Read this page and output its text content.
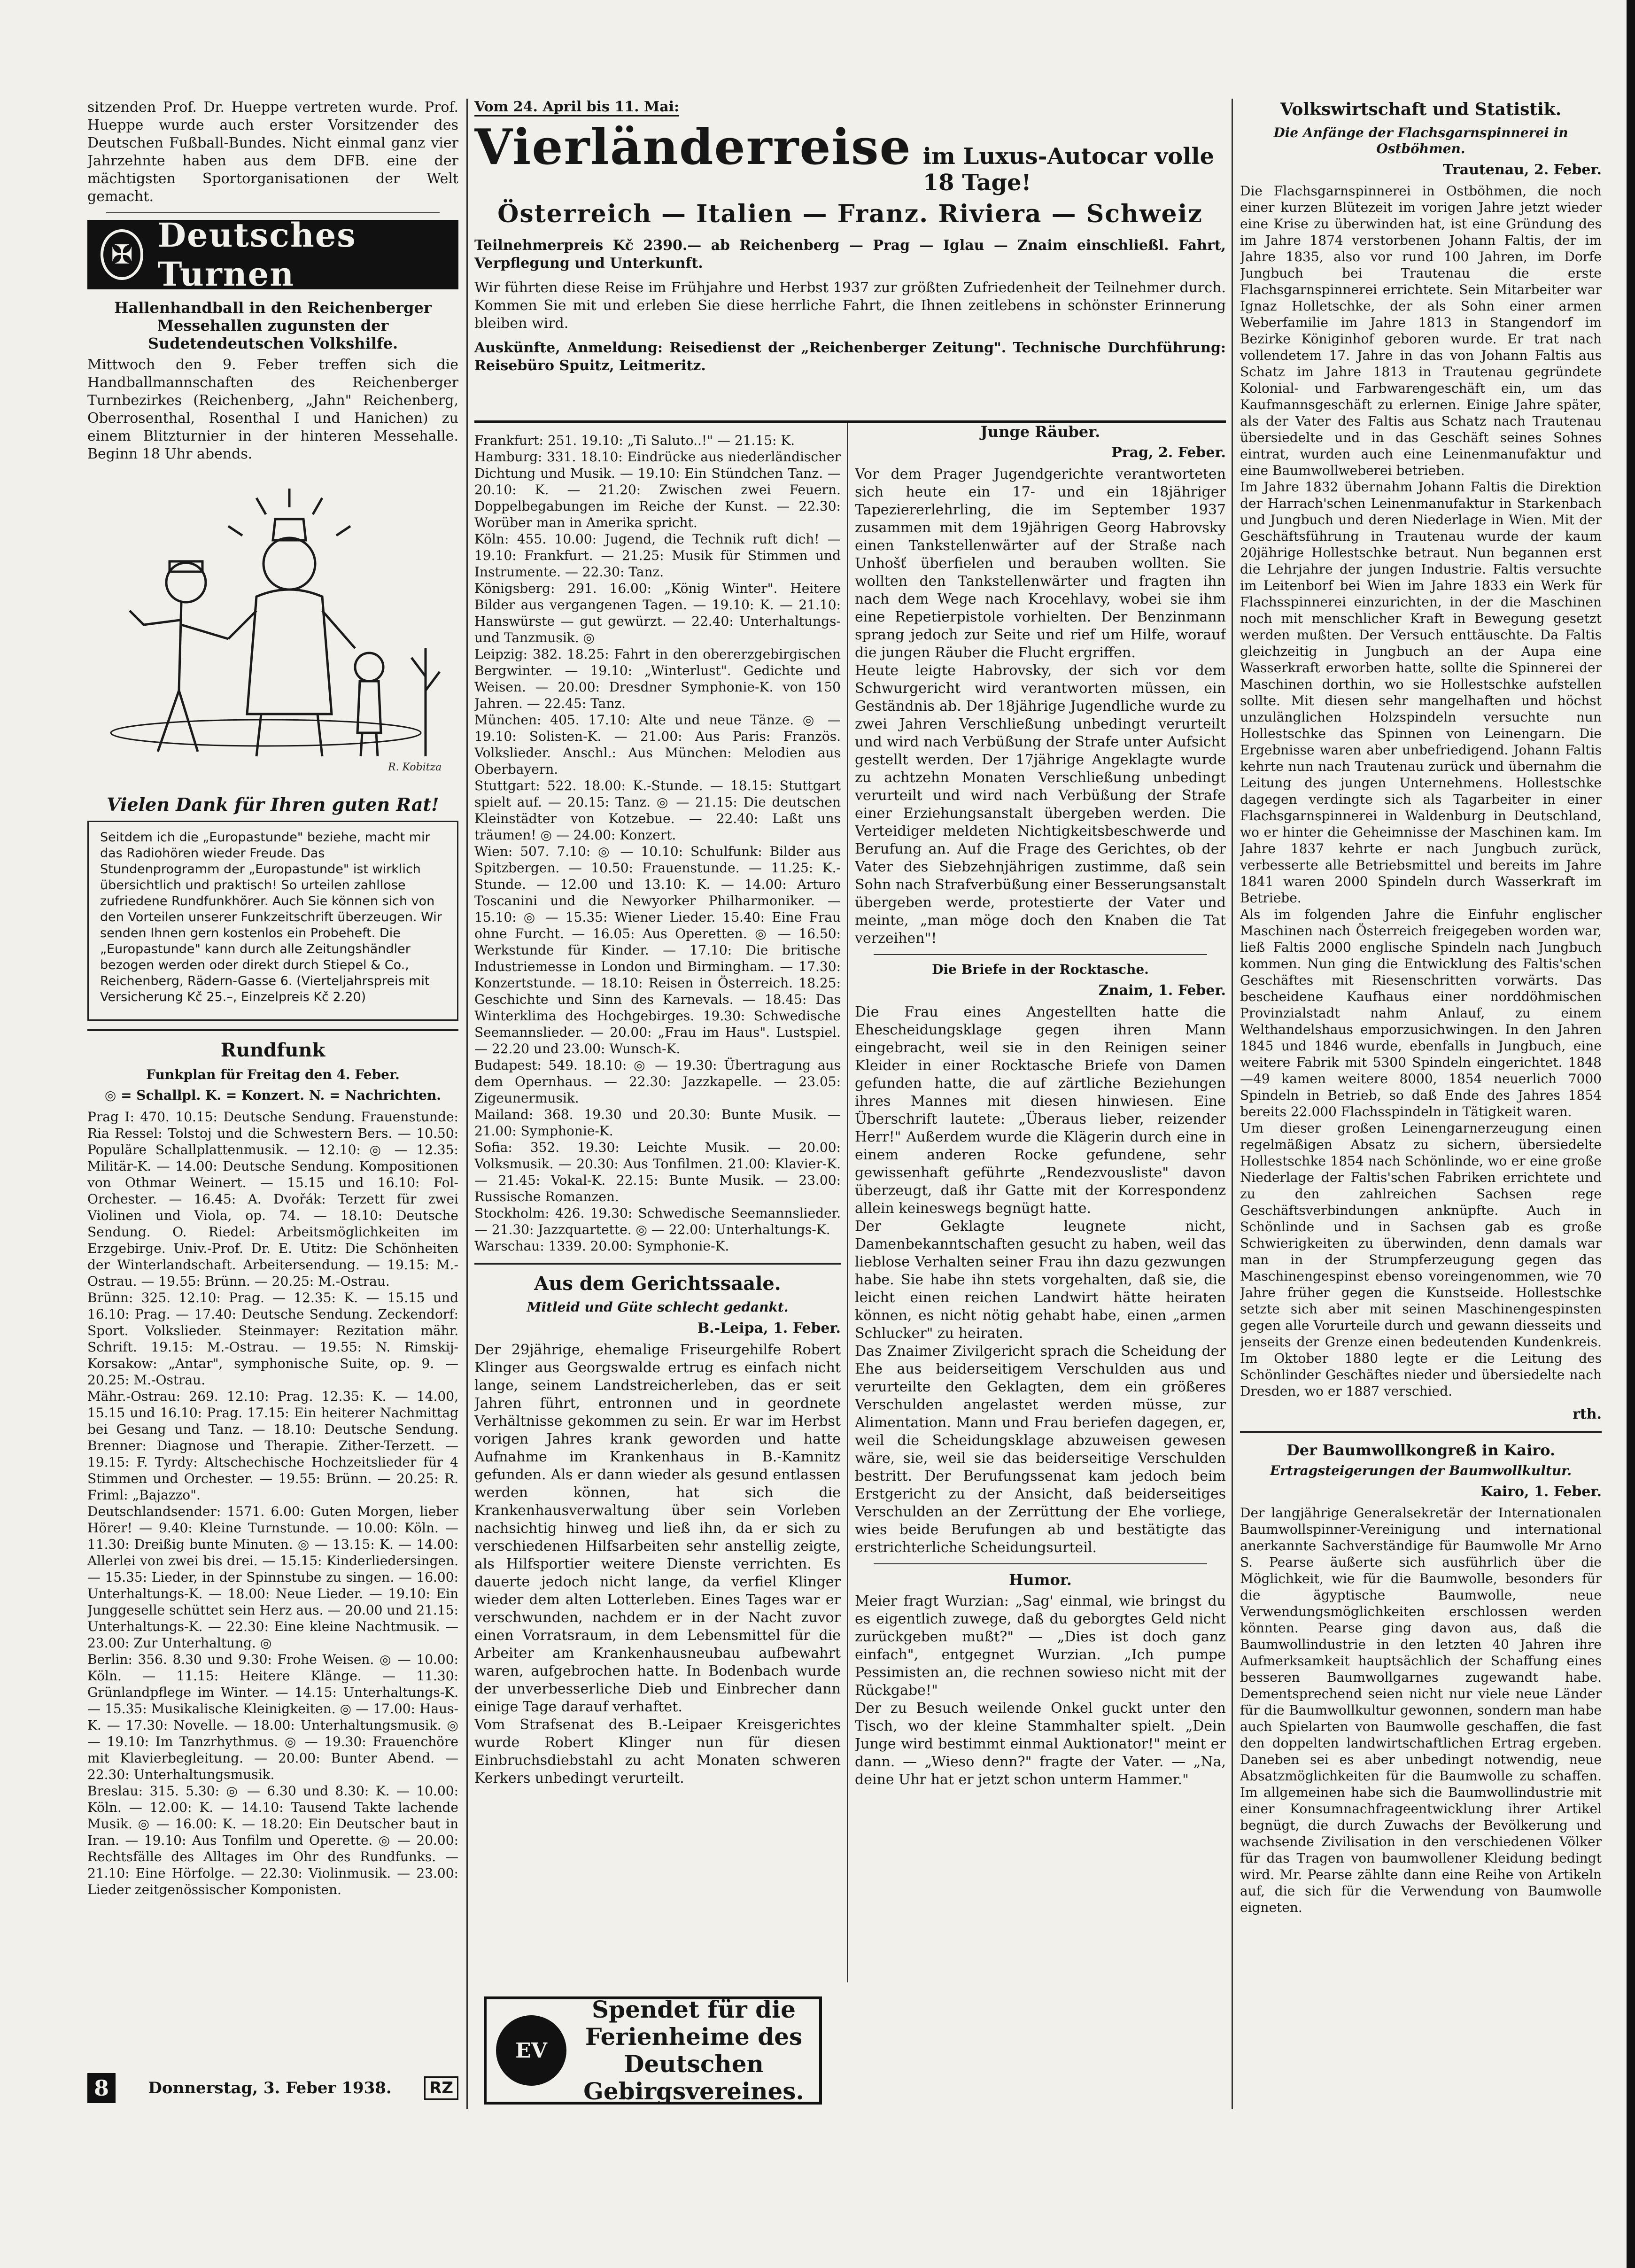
sitzenden Prof. Dr. Hueppe vertreten wurde. Prof. Hueppe wurde auch erster Vorsitzender des Deutschen Fußball-Bundes. Nicht einmal ganz vier Jahrzehnte haben aus dem DFB. eine der mächtigsten Sportorganisationen der Welt gemacht.

✠ Deutsches Turnen
Hallenhandball in den Reichenberger Messehallen zugunsten der Sudetendeutschen Volkshilfe.

Mittwoch den 9. Feber treffen sich die Handballmannschaften des Reichenberger Turnbezirkes (Reichenberg, „Jahn" Reichenberg, Oberrosenthal, Rosenthal I und Hanichen) zu einem Blitzturnier in der hinteren Messehalle. Beginn 18 Uhr abends.

R. Kobitza
Vielen Dank für Ihren guten Rat!

Seitdem ich die „Europastunde" beziehe, macht mir das Radiohören wieder Freude. Das Stundenprogramm der „Europastunde" ist wirklich übersichtlich und praktisch! So urteilen zahllose zufriedene Rundfunkhörer. Auch Sie können sich von den Vorteilen unserer Funkzeitschrift überzeugen. Wir senden Ihnen gern kostenlos ein Probeheft. Die „Europastunde" kann durch alle Zeitungshändler bezogen werden oder direkt durch Stiepel & Co., Reichenberg, Rädern-Gasse 6. (Vierteljahrspreis mit Versicherung Kč 25.–, Einzelpreis Kč 2.20)

Rundfunk
Funkplan für Freitag den 4. Feber.
◎ = Schallpl. K. = Konzert. N. = Nachrichten.

Prag I: 470. 10.15: Deutsche Sendung. Frauenstunde: Ria Ressel: Tolstoj und die Schwestern Bers. — 10.50: Populäre Schallplattenmusik. — 12.10: ◎ — 12.35: Militär-K. — 14.00: Deutsche Sendung. Kompositionen von Othmar Weinert. — 15.15 und 16.10: Fol-Orchester. — 16.45: A. Dvořák: Terzett für zwei Violinen und Viola, op. 74. — 18.10: Deutsche Sendung. O. Riedel: Arbeitsmöglichkeiten im Erzgebirge. Univ.-Prof. Dr. E. Utitz: Die Schönheiten der Winterlandschaft. Arbeitersendung. — 19.15: M.-Ostrau. — 19.55: Brünn. — 20.25: M.-Ostrau.
Brünn: 325. 12.10: Prag. — 12.35: K. — 15.15 und 16.10: Prag. — 17.40: Deutsche Sendung. Zeckendorf: Sport. Volkslieder. Steinmayer: Rezitation mähr. Schrift. 19.15: M.-Ostrau. — 19.55: N. Rimskij-Korsakow: „Antar", symphonische Suite, op. 9. — 20.25: M.-Ostrau.
Mähr.-Ostrau: 269. 12.10: Prag. 12.35: K. — 14.00, 15.15 und 16.10: Prag. 17.15: Ein heiterer Nachmittag bei Gesang und Tanz. — 18.10: Deutsche Sendung. Brenner: Diagnose und Therapie. Zither-Terzett. — 19.15: F. Tyrdy: Altschechische Hochzeitslieder für 4 Stimmen und Orchester. — 19.55: Brünn. — 20.25: R. Friml: „Bajazzo".
Deutschlandsender: 1571. 6.00: Guten Morgen, lieber Hörer! — 9.40: Kleine Turnstunde. — 10.00: Köln. — 11.30: Dreißig bunte Minuten. ◎ — 13.15: K. — 14.00: Allerlei von zwei bis drei. — 15.15: Kinderliedersingen. — 15.35: Lieder, in der Spinnstube zu singen. — 16.00: Unterhaltungs-K. — 18.00: Neue Lieder. — 19.10: Ein Junggeselle schüttet sein Herz aus. — 20.00 und 21.15: Unterhaltungs-K. — 22.30: Eine kleine Nachtmusik. — 23.00: Zur Unterhaltung. ◎
Berlin: 356. 8.30 und 9.30: Frohe Weisen. ◎ — 10.00: Köln. — 11.15: Heitere Klänge. — 11.30: Grünlandpflege im Winter. — 14.15: Unterhaltungs-K. — 15.35: Musikalische Kleinigkeiten. ◎ — 17.00: Haus-K. — 17.30: Novelle. — 18.00: Unterhaltungsmusik. ◎ — 19.10: Im Tanzrhythmus. ◎ — 19.30: Frauenchöre mit Klavierbegleitung. — 20.00: Bunter Abend. — 22.30: Unterhaltungsmusik.
Breslau: 315. 5.30: ◎ — 6.30 und 8.30: K. — 10.00: Köln. — 12.00: K. — 14.10: Tausend Takte lachende Musik. ◎ — 16.00: K. — 18.20: Ein Deutscher baut in Iran. — 19.10: Aus Tonfilm und Operette. ◎ — 20.00: Rechtsfälle des Alltages im Ohr des Rundfunks. — 21.10: Eine Hörfolge. — 22.30: Violinmusik. — 23.00: Lieder zeitgenössischer Komponisten.

8	Donnerstag, 3. Feber 1938.	RZ
Vom 24. April bis 11. Mai:
Vierländerreise im Luxus-Autocar volle 18 Tage!
Österreich — Italien — Franz. Riviera — Schweiz

Teilnehmerpreis Kč 2390.— ab Reichenberg — Prag — Iglau — Znaim einschließl. Fahrt, Verpflegung und Unterkunft.

Wir führten diese Reise im Frühjahre und Herbst 1937 zur größten Zufriedenheit der Teilnehmer durch. Kommen Sie mit und erleben Sie diese herrliche Fahrt, die Ihnen zeitlebens in schönster Erinnerung bleiben wird.

Auskünfte, Anmeldung: Reisedienst der „Reichenberger Zeitung". Technische Durchführung: Reisebüro Spuitz, Leitmeritz.

Frankfurt: 251. 19.10: „Ti Saluto..!" — 21.15: K.
Hamburg: 331. 18.10: Eindrücke aus niederländischer Dichtung und Musik. — 19.10: Ein Stündchen Tanz. — 20.10: K. — 21.20: Zwischen zwei Feuern. Doppelbegabungen im Reiche der Kunst. — 22.30: Worüber man in Amerika spricht.
Köln: 455. 10.00: Jugend, die Technik ruft dich! — 19.10: Frankfurt. — 21.25: Musik für Stimmen und Instrumente. — 22.30: Tanz.
Königsberg: 291. 16.00: „König Winter". Heitere Bilder aus vergangenen Tagen. — 19.10: K. — 21.10: Hanswürste — gut gewürzt. — 22.40: Unterhaltungs- und Tanzmusik. ◎
Leipzig: 382. 18.25: Fahrt in den obererzgebirgischen Bergwinter. — 19.10: „Winterlust". Gedichte und Weisen. — 20.00: Dresdner Symphonie-K. von 150 Jahren. — 22.45: Tanz.
München: 405. 17.10: Alte und neue Tänze. ◎ — 19.10: Solisten-K. — 21.00: Aus Paris: Französ. Volkslieder. Anschl.: Aus München: Melodien aus Oberbayern.
Stuttgart: 522. 18.00: K.-Stunde. — 18.15: Stuttgart spielt auf. — 20.15: Tanz. ◎ — 21.15: Die deutschen Kleinstädter von Kotzebue. — 22.40: Laßt uns träumen! ◎ — 24.00: Konzert.
Wien: 507. 7.10: ◎ — 10.10: Schulfunk: Bilder aus Spitzbergen. — 10.50: Frauenstunde. — 11.25: K.-Stunde. — 12.00 und 13.10: K. — 14.00: Arturo Toscanini und die Newyorker Philharmoniker. — 15.10: ◎ — 15.35: Wiener Lieder. 15.40: Eine Frau ohne Furcht. — 16.05: Aus Operetten. ◎ — 16.50: Werkstunde für Kinder. — 17.10: Die britische Industriemesse in London und Birmingham. — 17.30: Konzertstunde. — 18.10: Reisen in Österreich. 18.25: Geschichte und Sinn des Karnevals. — 18.45: Das Winterklima des Hochgebirges. 19.30: Schwedische Seemannslieder. — 20.00: „Frau im Haus". Lustspiel. — 22.20 und 23.00: Wunsch-K.
Budapest: 549. 18.10: ◎ — 19.30: Übertragung aus dem Opernhaus. — 22.30: Jazzkapelle. — 23.05: Zigeunermusik.
Mailand: 368. 19.30 und 20.30: Bunte Musik. — 21.00: Symphonie-K.
Sofia: 352. 19.30: Leichte Musik. — 20.00: Volksmusik. — 20.30: Aus Tonfilmen. 21.00: Klavier-K. — 21.45: Vokal-K. 22.15: Bunte Musik. — 23.00: Russische Romanzen.
Stockholm: 426. 19.30: Schwedische Seemannslieder. — 21.30: Jazzquartette. ◎ — 22.00: Unterhaltungs-K.
Warschau: 1339. 20.00: Symphonie-K.

Aus dem Gerichtssaale.
Mitleid und Güte schlecht gedankt.
B.-Leipa, 1. Feber.

Der 29jährige, ehemalige Friseurgehilfe Robert Klinger aus Georgswalde ertrug es einfach nicht lange, seinem Landstreicherleben, das er seit Jahren führt, entronnen und in geordnete Verhältnisse gekommen zu sein. Er war im Herbst vorigen Jahres krank geworden und hatte Aufnahme im Krankenhaus in B.-Kamnitz gefunden. Als er dann wieder als gesund entlassen werden können, hat sich die Krankenhausverwaltung über sein Vorleben nachsichtig hinweg und ließ ihn, da er sich zu verschiedenen Hilfsarbeiten sehr anstellig zeigte, als Hilfsportier weitere Dienste verrichten. Es dauerte jedoch nicht lange, da verfiel Klinger wieder dem alten Lotterleben. Eines Tages war er verschwunden, nachdem er in der Nacht zuvor einen Vorratsraum, in dem Lebensmittel für die Arbeiter am Krankenhausneubau aufbewahrt waren, aufgebrochen hatte. In Bodenbach wurde der unverbesserliche Dieb und Einbrecher dann einige Tage darauf verhaftet.
Vom Strafsenat des B.-Leipaer Kreisgerichtes wurde Robert Klinger nun für diesen Einbruchsdiebstahl zu acht Monaten schweren Kerkers unbedingt verurteilt.

EV
Spendet für die Ferienheime des Deutschen Gebirgsvereines.
Junge Räuber.
Prag, 2. Feber.

Vor dem Prager Jugendgerichte verantworteten sich heute ein 17- und ein 18jähriger Tapeziererlehrling, die im September 1937 zusammen mit dem 19jährigen Georg Habrovsky einen Tankstellenwärter auf der Straße nach Unhošť überfielen und berauben wollten. Sie wollten den Tankstellenwärter und fragten ihn nach dem Wege nach Krocehlavy, wobei sie ihm eine Repetierpistole vorhielten. Der Benzinmann sprang jedoch zur Seite und rief um Hilfe, worauf die jungen Räuber die Flucht ergriffen.
Heute leigte Habrovsky, der sich vor dem Schwurgericht wird verantworten müssen, ein Geständnis ab. Der 18jährige Jugendliche wurde zu zwei Jahren Verschließung unbedingt verurteilt und wird nach Verbüßung der Strafe unter Aufsicht gestellt werden. Der 17jährige Angeklagte wurde zu achtzehn Monaten Verschließung unbedingt verurteilt und wird nach Verbüßung der Strafe einer Erziehungsanstalt übergeben werden. Die Verteidiger meldeten Nichtigkeitsbeschwerde und Berufung an. Auf die Frage des Gerichtes, ob der Vater des Siebzehnjährigen zustimme, daß sein Sohn nach Strafverbüßung einer Besserungsanstalt übergeben werde, protestierte der Vater und meinte, „man möge doch den Knaben die Tat verzeihen"!

Die Briefe in der Rocktasche.
Znaim, 1. Feber.

Die Frau eines Angestellten hatte die Ehescheidungsklage gegen ihren Mann eingebracht, weil sie in den Reinigen seiner Kleider in einer Rocktasche Briefe von Damen gefunden hatte, die auf zärtliche Beziehungen ihres Mannes mit diesen hinwiesen. Eine Überschrift lautete: „Überaus lieber, reizender Herr!" Außerdem wurde die Klägerin durch eine in einem anderen Rocke gefundene, sehr gewissenhaft geführte „Rendezvousliste" davon überzeugt, daß ihr Gatte mit der Korrespondenz allein keineswegs begnügt hatte.
Der Geklagte leugnete nicht, Damenbekanntschaften gesucht zu haben, weil das lieblose Verhalten seiner Frau ihn dazu gezwungen habe. Sie habe ihn stets vorgehalten, daß sie, die leicht einen reichen Landwirt hätte heiraten können, es nicht nötig gehabt habe, einen „armen Schlucker" zu heiraten.
Das Znaimer Zivilgericht sprach die Scheidung der Ehe aus beiderseitigem Verschulden aus und verurteilte den Geklagten, dem ein größeres Verschulden angelastet werden müsse, zur Alimentation. Mann und Frau beriefen dagegen, er, weil die Scheidungsklage abzuweisen gewesen wäre, sie, weil sie das beiderseitige Verschulden bestritt. Der Berufungssenat kam jedoch beim Erstgericht zu der Ansicht, daß beiderseitiges Verschulden an der Zerrüttung der Ehe vorliege, wies beide Berufungen ab und bestätigte das erstrichterliche Scheidungsurteil.

Humor.

Meier fragt Wurzian: „Sag' einmal, wie bringst du es eigentlich zuwege, daß du geborgtes Geld nicht zurückgeben mußt?" — „Dies ist doch ganz einfach", entgegnet Wurzian. „Ich pumpe Pessimisten an, die rechnen sowieso nicht mit der Rückgabe!"
Der zu Besuch weilende Onkel guckt unter den Tisch, wo der kleine Stammhalter spielt. „Dein Junge wird bestimmt einmal Auktionator!" meint er dann. — „Wieso denn?" fragte der Vater. — „Na, deine Uhr hat er jetzt schon unterm Hammer."

Volkswirtschaft und Statistik.
Die Anfänge der Flachsgarnspinnerei in Ostböhmen.
Trautenau, 2. Feber.

Die Flachsgarnspinnerei in Ostböhmen, die noch einer kurzen Blütezeit im vorigen Jahre jetzt wieder eine Krise zu überwinden hat, ist eine Gründung des im Jahre 1874 verstorbenen Johann Faltis, der im Jahre 1835, also vor rund 100 Jahren, im Dorfe Jungbuch bei Trautenau die erste Flachsgarnspinnerei errichtete. Sein Mitarbeiter war Ignaz Holletschke, der als Sohn einer armen Weberfamilie im Jahre 1813 in Stangendorf im Bezirke Königinhof geboren wurde. Er trat nach vollendetem 17. Jahre in das von Johann Faltis aus Schatz im Jahre 1813 in Trautenau gegründete Kolonial- und Farbwarengeschäft ein, um das Kaufmannsgeschäft zu erlernen. Einige Jahre später, als der Vater des Faltis aus Schatz nach Trautenau übersiedelte und in das Geschäft seines Sohnes eintrat, wurden auch eine Leinenmanufaktur und eine Baumwollweberei betrieben.
Im Jahre 1832 übernahm Johann Faltis die Direktion der Harrach'schen Leinenmanufaktur in Starkenbach und Jungbuch und deren Niederlage in Wien. Mit der Geschäftsführung in Trautenau wurde der kaum 20jährige Hollestschke betraut. Nun begannen erst die Lehrjahre der jungen Industrie. Faltis versuchte im Leitenborf bei Wien im Jahre 1833 ein Werk für Flachsspinnerei einzurichten, in der die Maschinen noch mit menschlicher Kraft in Bewegung gesetzt werden mußten. Der Versuch enttäuschte. Da Faltis gleichzeitig in Jungbuch an der Aupa eine Wasserkraft erworben hatte, sollte die Spinnerei der Maschinen dorthin, wo sie Hollestschke aufstellen sollte. Mit diesen sehr mangelhaften und höchst unzulänglichen Holzspindeln versuchte nun Hollestschke das Spinnen von Leinengarn. Die Ergebnisse waren aber unbefriedigend. Johann Faltis kehrte nun nach Trautenau zurück und übernahm die Leitung des jungen Unternehmens. Hollestschke dagegen verdingte sich als Tagarbeiter in einer Flachsgarnspinnerei in Waldenburg in Deutschland, wo er hinter die Geheimnisse der Maschinen kam. Im Jahre 1837 kehrte er nach Jungbuch zurück, verbesserte alle Betriebsmittel und bereits im Jahre 1841 waren 2000 Spindeln durch Wasserkraft im Betriebe.
Als im folgenden Jahre die Einfuhr englischer Maschinen nach Österreich freigegeben worden war, ließ Faltis 2000 englische Spindeln nach Jungbuch kommen. Nun ging die Entwicklung des Faltis'schen Geschäftes mit Riesenschritten vorwärts. Das bescheidene Kaufhaus einer norddöhmischen Provinzialstadt nahm Anlauf, zu einem Welthandelshaus emporzusichwingen. In den Jahren 1845 und 1846 wurde, ebenfalls in Jungbuch, eine weitere Fabrik mit 5300 Spindeln eingerichtet. 1848—49 kamen weitere 8000, 1854 neuerlich 7000 Spindeln in Betrieb, so daß Ende des Jahres 1854 bereits 22.000 Flachsspindeln in Tätigkeit waren.
Um dieser großen Leinengarnerzeugung einen regelmäßigen Absatz zu sichern, übersiedelte Hollestschke 1854 nach Schönlinde, wo er eine große Niederlage der Faltis'schen Fabriken errichtete und zu den zahlreichen Sachsen rege Geschäftsverbindungen anknüpfte. Auch in Schönlinde und in Sachsen gab es große Schwierigkeiten zu überwinden, denn damals war man in der Strumpferzeugung gegen das Maschinengespinst ebenso voreingenommen, wie 70 Jahre früher gegen die Kunstseide. Hollestschke setzte sich aber mit seinen Maschinengespinsten gegen alle Vorurteile durch und gewann diesseits und jenseits der Grenze einen bedeutenden Kundenkreis. Im Oktober 1880 legte er die Leitung des Schönlinder Geschäftes nieder und übersiedelte nach Dresden, wo er 1887 verschied.

rth.
Der Baumwollkongreß in Kairo.
Ertragsteigerungen der Baumwollkultur.
Kairo, 1. Feber.

Der langjährige Generalsekretär der Internationalen Baumwollspinner-Vereinigung und international anerkannte Sachverständige für Baumwolle Mr Arno S. Pearse äußerte sich ausführlich über die Möglichkeit, wie für die Baumwolle, besonders für die ägyptische Baumwolle, neue Verwendungsmöglichkeiten erschlossen werden könnten. Pearse ging davon aus, daß die Baumwollindustrie in den letzten 40 Jahren ihre Aufmerksamkeit hauptsächlich der Schaffung eines besseren Baumwollgarnes zugewandt habe. Dementsprechend seien nicht nur viele neue Länder für die Baumwollkultur gewonnen, sondern man habe auch Spielarten von Baumwolle geschaffen, die fast den doppelten landwirtschaftlichen Ertrag ergeben. Daneben sei es aber unbedingt notwendig, neue Absatzmöglichkeiten für die Baumwolle zu schaffen. Im allgemeinen habe sich die Baumwollindustrie mit einer Konsumnachfrageentwicklung ihrer Artikel begnügt, die durch Zuwachs der Bevölkerung und wachsende Zivilisation in den verschiedenen Völker für das Tragen von baumwollener Kleidung bedingt wird. Mr. Pearse zählte dann eine Reihe von Artikeln auf, die sich für die Verwendung von Baumwolle eigneten.
